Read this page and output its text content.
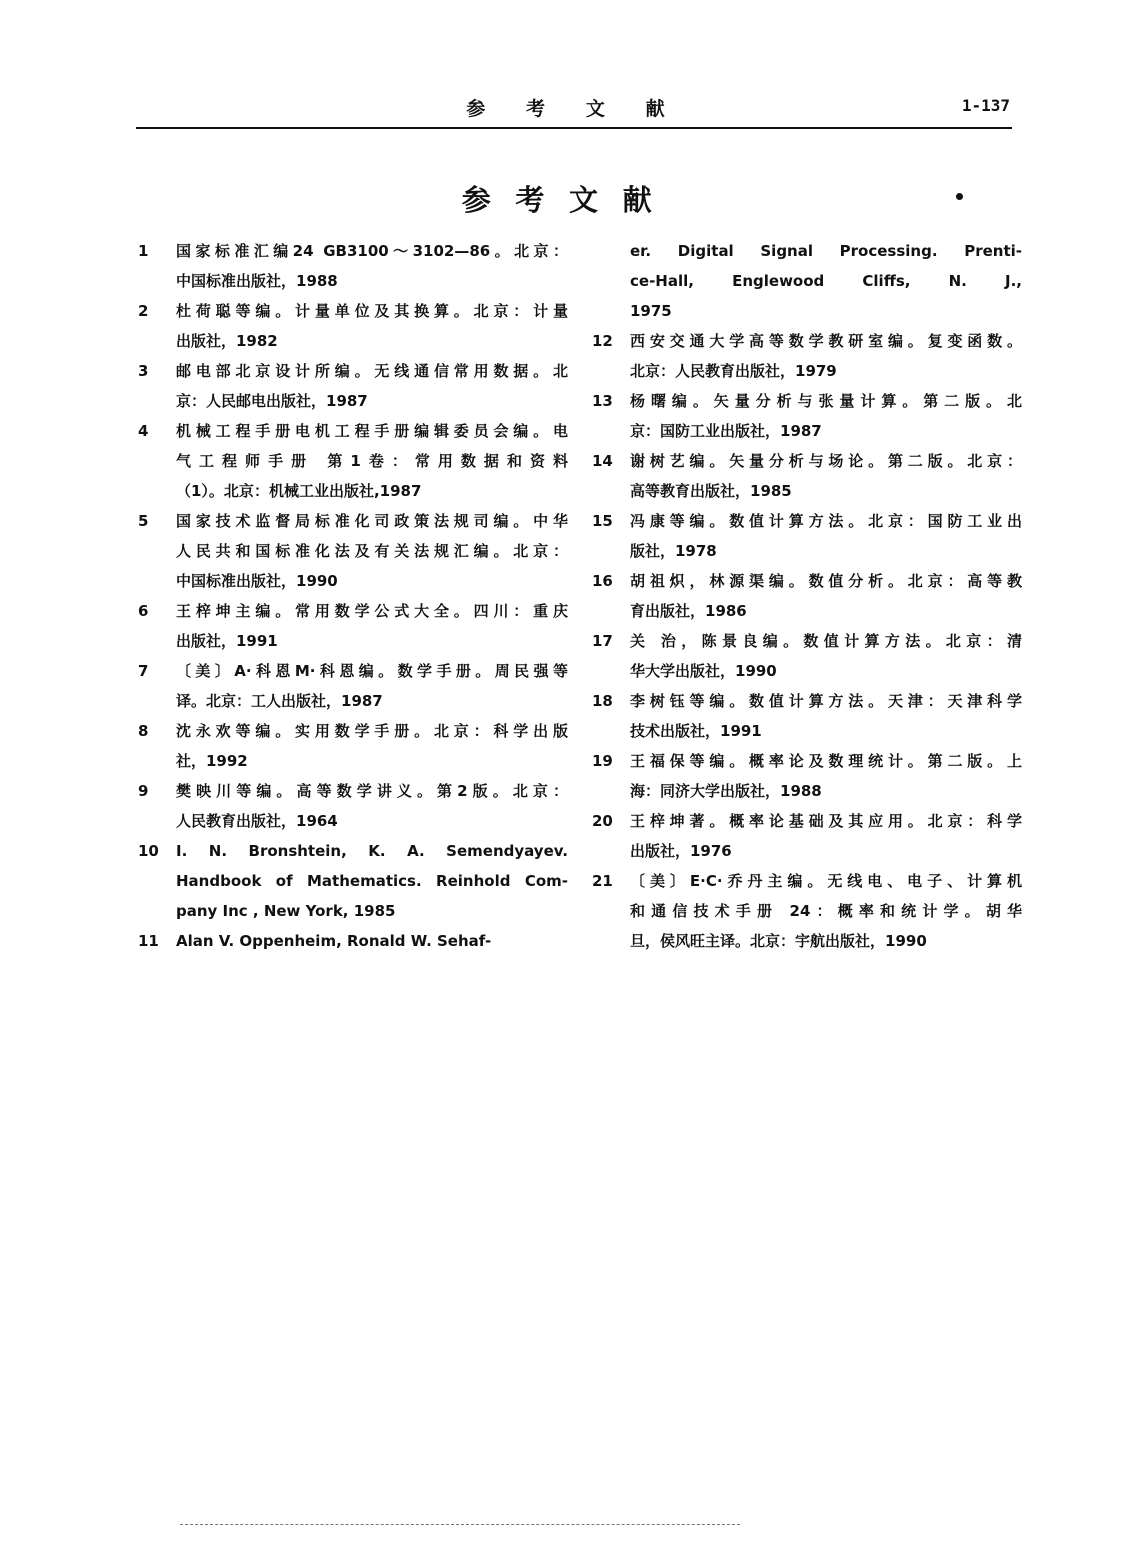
参 考 文 献	1-137
参考文献
1	国家标准汇编24 GB3100～3102—86。北京：
中国标准出版社，1988
2	杜荷聪等编。计量单位及其换算。北京：计量
出版社，1982
3	邮电部北京设计所编。无线通信常用数据。北
京：人民邮电出版社，1987
4	机械工程手册电机工程手册编辑委员会编。电
气工程师手册 第1卷：常用数据和资料
（1）。北京：机械工业出版社,1987
5	国家技术监督局标准化司政策法规司编。中华
人民共和国标准化法及有关法规汇编。北京：
中国标准出版社，1990
6	王梓坤主编。常用数学公式大全。四川：重庆
出版社，1991
7	〔美〕A·科恩M·科恩编。数学手册。周民强等
译。北京：工人出版社，1987
8	沈永欢等编。实用数学手册。北京：科学出版
社，1992
9	樊映川等编。高等数学讲义。第2版。北京：
人民教育出版社，1964
10	I. N. Bronshtein, K. A. Semendyayev.
Handbook of Mathematics. Reinhold Com-
pany Inc , New York, 1985
11	Alan V. Oppenheim, Ronald W. Sehaf-
er. Digital Signal Processing. Prenti-
ce-Hall, Englewood Cliffs, N. J.,
1975
12	西安交通大学高等数学教研室编。复变函数。
北京：人民教育出版社，1979
13	杨曙编。矢量分析与张量计算。第二版。北
京：国防工业出版社，1987
14	谢树艺编。矢量分析与场论。第二版。北京：
高等教育出版社，1985
15	冯康等编。数值计算方法。北京：国防工业出
版社，1978
16	胡祖炽，林源渠编。数值分析。北京：高等教
育出版社，1986
17	关 治，陈景良编。数值计算方法。北京：清
华大学出版社，1990
18	李树钰等编。数值计算方法。天津：天津科学
技术出版社，1991
19	王福保等编。概率论及数理统计。第二版。上
海：同济大学出版社，1988
20	王梓坤著。概率论基础及其应用。北京：科学
出版社，1976
21	〔美〕E·C·乔丹主编。无线电、电子、计算机
和通信技术手册 24：概率和统计学。胡华
旦，侯风旺主译。北京：宇航出版社，1990
